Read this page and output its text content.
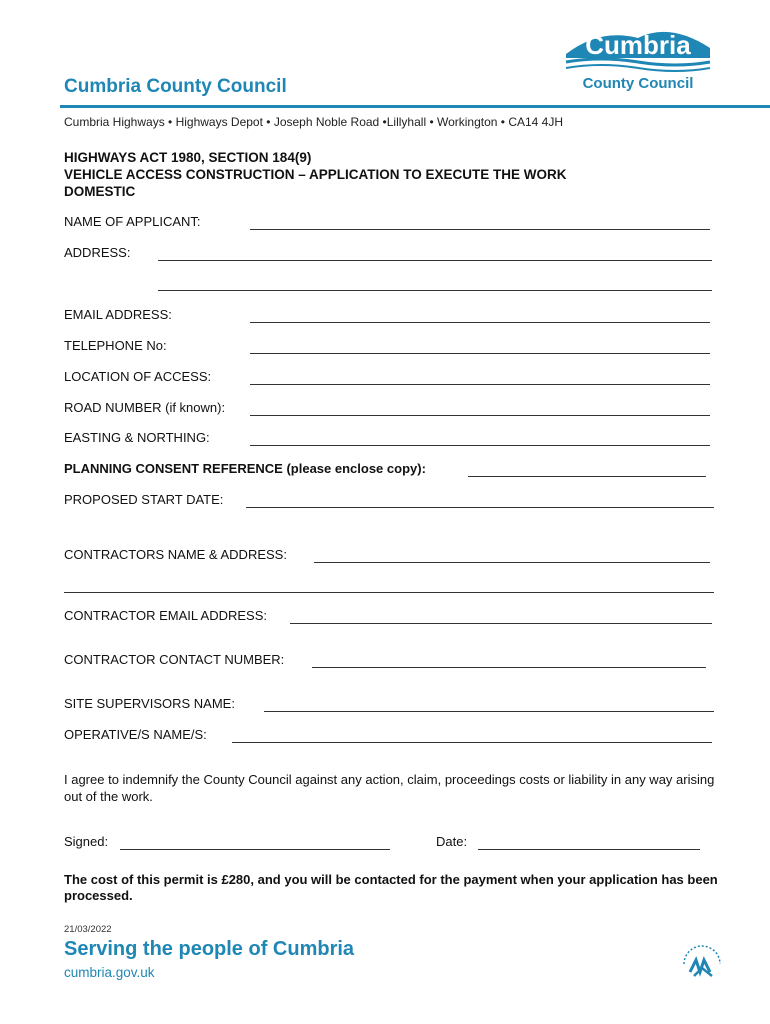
Cumbria
County Council
Cumbria County Council
Cumbria Highways • Highways Depot • Joseph Noble Road •Lillyhall • Workington • CA14 4JH
HIGHWAYS ACT 1980, SECTION 184(9)
VEHICLE ACCESS CONSTRUCTION – APPLICATION TO EXECUTE THE WORK
DOMESTIC
NAME OF APPLICANT:
ADDRESS:
EMAIL ADDRESS:
TELEPHONE No:
LOCATION OF ACCESS:
ROAD NUMBER (if known):
EASTING & NORTHING:
PLANNING CONSENT REFERENCE (please enclose copy):
PROPOSED START DATE:
CONTRACTORS NAME & ADDRESS:
CONTRACTOR EMAIL ADDRESS:
CONTRACTOR CONTACT NUMBER:
SITE SUPERVISORS NAME:
OPERATIVE/S NAME/S:
I agree to indemnify the County Council against any action, claim, proceedings costs or liability in any way arising out of the work.
Signed:	Date:
The cost of this permit is £280, and you will be contacted for the payment when your application has been processed.
21/03/2022
Serving the people of Cumbria
cumbria.gov.uk
